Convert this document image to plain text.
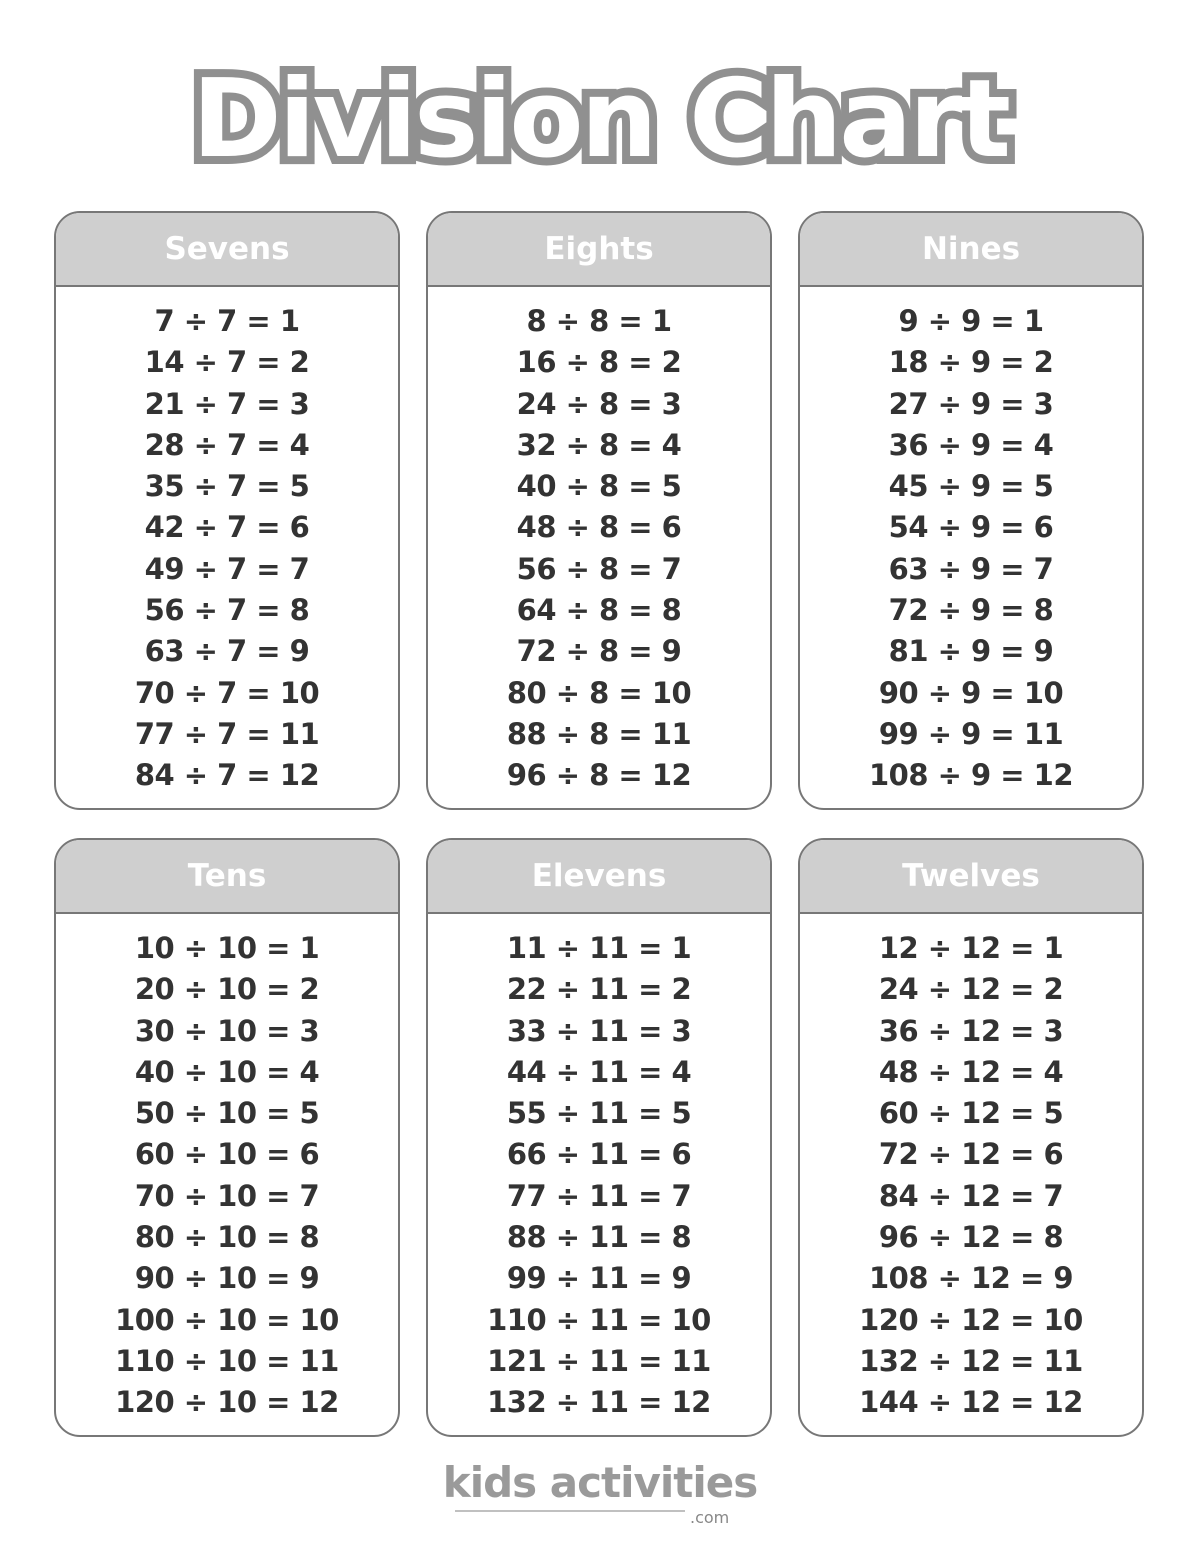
Division Chart
Sevens
7 ÷ 7 = 1
14 ÷ 7 = 2
21 ÷ 7 = 3
28 ÷ 7 = 4
35 ÷ 7 = 5
42 ÷ 7 = 6
49 ÷ 7 = 7
56 ÷ 7 = 8
63 ÷ 7 = 9
70 ÷ 7 = 10
77 ÷ 7 = 11
84 ÷ 7 = 12
Eights
8 ÷ 8 = 1
16 ÷ 8 = 2
24 ÷ 8 = 3
32 ÷ 8 = 4
40 ÷ 8 = 5
48 ÷ 8 = 6
56 ÷ 8 = 7
64 ÷ 8 = 8
72 ÷ 8 = 9
80 ÷ 8 = 10
88 ÷ 8 = 11
96 ÷ 8 = 12
Nines
9 ÷ 9 = 1
18 ÷ 9 = 2
27 ÷ 9 = 3
36 ÷ 9 = 4
45 ÷ 9 = 5
54 ÷ 9 = 6
63 ÷ 9 = 7
72 ÷ 9 = 8
81 ÷ 9 = 9
90 ÷ 9 = 10
99 ÷ 9 = 11
108 ÷ 9 = 12
Tens
10 ÷ 10 = 1
20 ÷ 10 = 2
30 ÷ 10 = 3
40 ÷ 10 = 4
50 ÷ 10 = 5
60 ÷ 10 = 6
70 ÷ 10 = 7
80 ÷ 10 = 8
90 ÷ 10 = 9
100 ÷ 10 = 10
110 ÷ 10 = 11
120 ÷ 10 = 12
Elevens
11 ÷ 11 = 1
22 ÷ 11 = 2
33 ÷ 11 = 3
44 ÷ 11 = 4
55 ÷ 11 = 5
66 ÷ 11 = 6
77 ÷ 11 = 7
88 ÷ 11 = 8
99 ÷ 11 = 9
110 ÷ 11 = 10
121 ÷ 11 = 11
132 ÷ 11 = 12
Twelves
12 ÷ 12 = 1
24 ÷ 12 = 2
36 ÷ 12 = 3
48 ÷ 12 = 4
60 ÷ 12 = 5
72 ÷ 12 = 6
84 ÷ 12 = 7
96 ÷ 12 = 8
108 ÷ 12 = 9
120 ÷ 12 = 10
132 ÷ 12 = 11
144 ÷ 12 = 12
kids activities
.com
